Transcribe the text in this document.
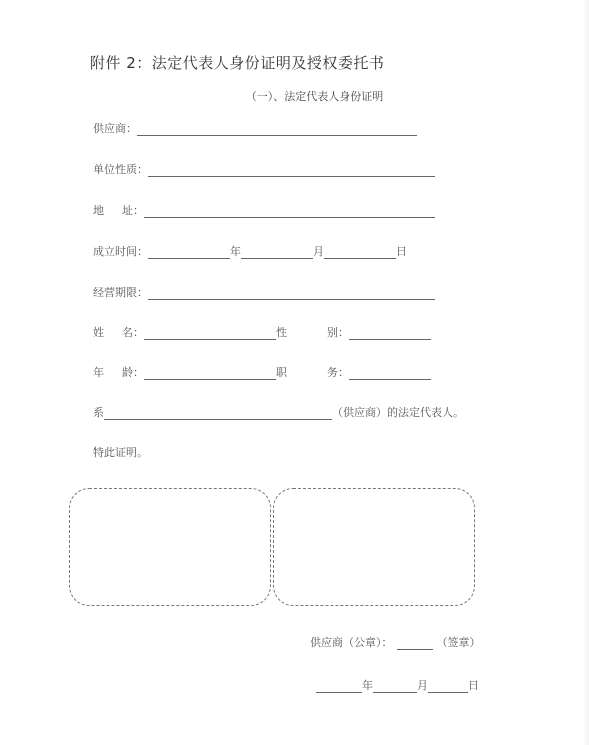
附件 2：法定代表人身份证明及授权委托书
（一）、法定代表人身份证明
供应商：
单位性质：
地 址：
成立时间：	年	月	日
经营期限：
姓 名：	性	别：
年 龄：	职	务：
系	（供应商）的法定代表人。
特此证明。
供应商（公章）：	（签章）
年	月	日
